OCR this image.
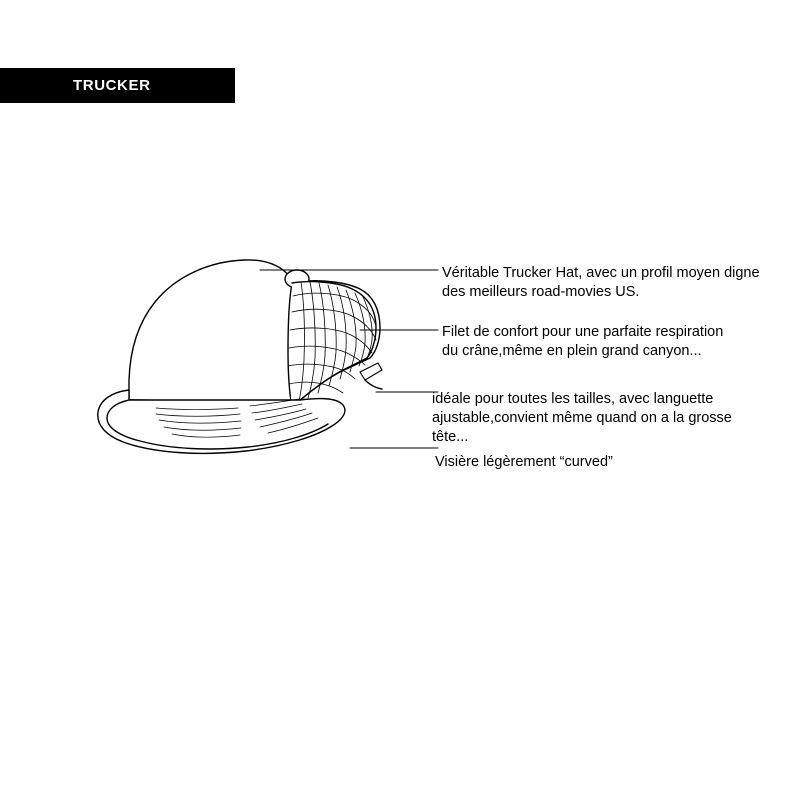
TRUCKER
Véritable Trucker Hat, avec un profil moyen digne des meilleurs road-movies US.
Filet de confort pour une parfaite respiration du crâne,même en plein grand canyon...
idéale pour toutes les tailles, avec languette ajustable,convient même quand on a la grosse tête...
Visière légèrement “curved”
